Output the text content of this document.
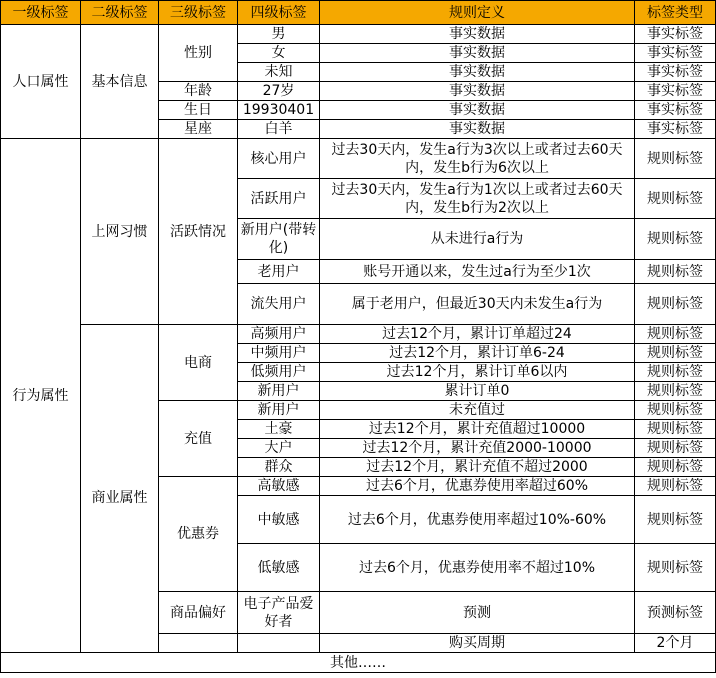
一级标签	二级标签	三级标签	四级标签	规则定义	标签类型	
人口属性	基本信息	性别	男	事实数据	事实标签	
			女	事实数据	事实标签	
			未知	事实数据	事实标签	
		年龄	27岁	事实数据	事实标签	
		生日	19930401	事实数据	事实标签	
		星座	白羊	事实数据	事实标签	
行为属性	上网习惯	活跃情况	核心用户	过去30天内，发生a行为3次以上或者过去60天内，发生b行为6次以上	规则标签	
			活跃用户	过去30天内，发生a行为1次以上或者过去60天内，发生b行为2次以上	规则标签	
			新用户(带转化)	从未进行a行为	规则标签	
			老用户	账号开通以来，发生过a行为至少1次	规则标签	
			流失用户	属于老用户，但最近30天内未发生a行为	规则标签	
		电商	高频用户	过去12个月，累计订单超过24	规则标签	
	商业属性		中频用户	过去12个月，累计订单6-24	规则标签	
			低频用户	过去12个月，累计订单6以内	规则标签	
			新用户	累计订单0	规则标签	
		充值	新用户	未充值过	规则标签	
			土豪	过去12个月，累计充值超过10000	规则标签	
			大户	过去12个月，累计充值2000-10000	规则标签	
			群众	过去12个月，累计充值不超过2000	规则标签	
		优惠券	高敏感	过去6个月，优惠券使用率超过60%	规则标签	
			中敏感	过去6个月，优惠券使用率超过10%-60%	规则标签	
			低敏感	过去6个月，优惠券使用率不超过10%	规则标签	
		商品偏好	电子产品爱好者	预测	预测标签	
				购买周期	2个月		
其他……						
